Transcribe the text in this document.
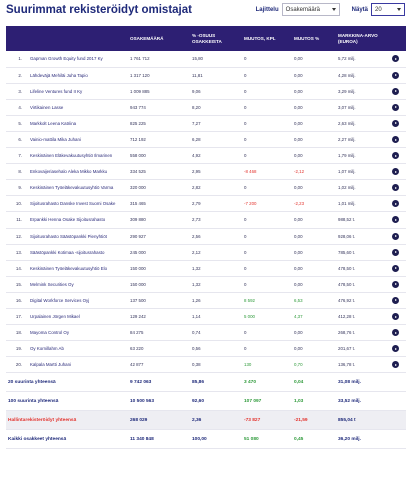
Suurimmat rekisteröidyt omistajat	Lajittelu Osakemäärä	Näytä 20
		OSAKEMÄÄRÄ	% -OSUUS OSAKKEISTA	MUUTOS, KPL	MUUTOS %	MARKKINA-ARVO (EUROA)	
1.	Gapman Growth Equity fund 2017 Ky	1 761 712	15,80	0	0,00	5,72 milj.	

2.	Lähdeväjä Mehiläi Juha Tapio	1 317 120	11,81	0	0,00	4,28 milj.	

3.	Lifeline Ventures fund II Ky	1 009 885	9,06	0	0,00	3,29 milj.	

4.	Virtikainen Lasse	943 774	8,20	0	0,00	3,07 milj.	

5.	Markkolt Leena Katriina	825 225	7,27	0	0,00	2,63 milj.	

6.	Vainio-mattila Mika Juhani	712 192	6,28	0	0,00	2,27 milj.	

7.	Keskinäinen Eläkevakuutusyhtiö Ilmarinen	558 000	4,92	0	0,00	1,79 milj.	

8.	Enkovaijeriasehalo Aleka Mikko Markku	334 525	2,95	-8 468	-2,12	1,07 milj.	

9.	Keskinäinen Työeläkevakuutusyhtiö Varma	320 000	2,82	0	0,00	1,02 milj.	

10.	Sijoitusrahasto Danske Invest Suomi Osake	315 465	2,79	-7 200	-2,23	1,01 milj.	

11.	Erpankki Henna Osake Sijoitusrahasto	309 880	2,73	0	0,00	988,52 t.	

12.	Sijoitusrahasto Säästöpankki Pienyhtiöt	290 927	2,56	0	0,00	928,06 t.	

13.	Säästöpankki Kotimaa -sijoitusrahasto	245 000	2,12	0	0,00	785,60 t.	

14.	Keskinäinen Työeläkevakuutusyhtiö Elo	150 000	1,32	0	0,00	478,50 t.	

15.	Melmink Securities Oy	150 000	1,32	0	0,00	478,50 t.	

16.	Digital Workforce Services Oyj	137 500	1,26	8 592	6,53	476,92 t.	

17.	Urpalainen Jörgen Mikael	129 242	1,14	5 000	4,37	412,28 t.	

18.	Mayoma Control Oy	84 275	0,74	0	0,00	268,76 t.	

19.	Oy Kornillahm Ab	63 220	0,56	0	0,00	201,67 t.	

20.	Kalpala Martti Juhani	42 877	0,38	130	0,70	136,78 t.	

20 suurinta yhteensä		9 742 063	85,86	3 470	0,04	31,08 milj.	
100 suurinta yhteensä		10 500 563	92,60	107 097	1,03	33,52 milj.	
Hallintarekisteröidyt yhteensä		268 029	2,36	-73 827	-21,59	855,04 t	
Kaikki osakkeet yhteensä		11 340 848	100,00	51 080	0,45	36,20 milj.	
